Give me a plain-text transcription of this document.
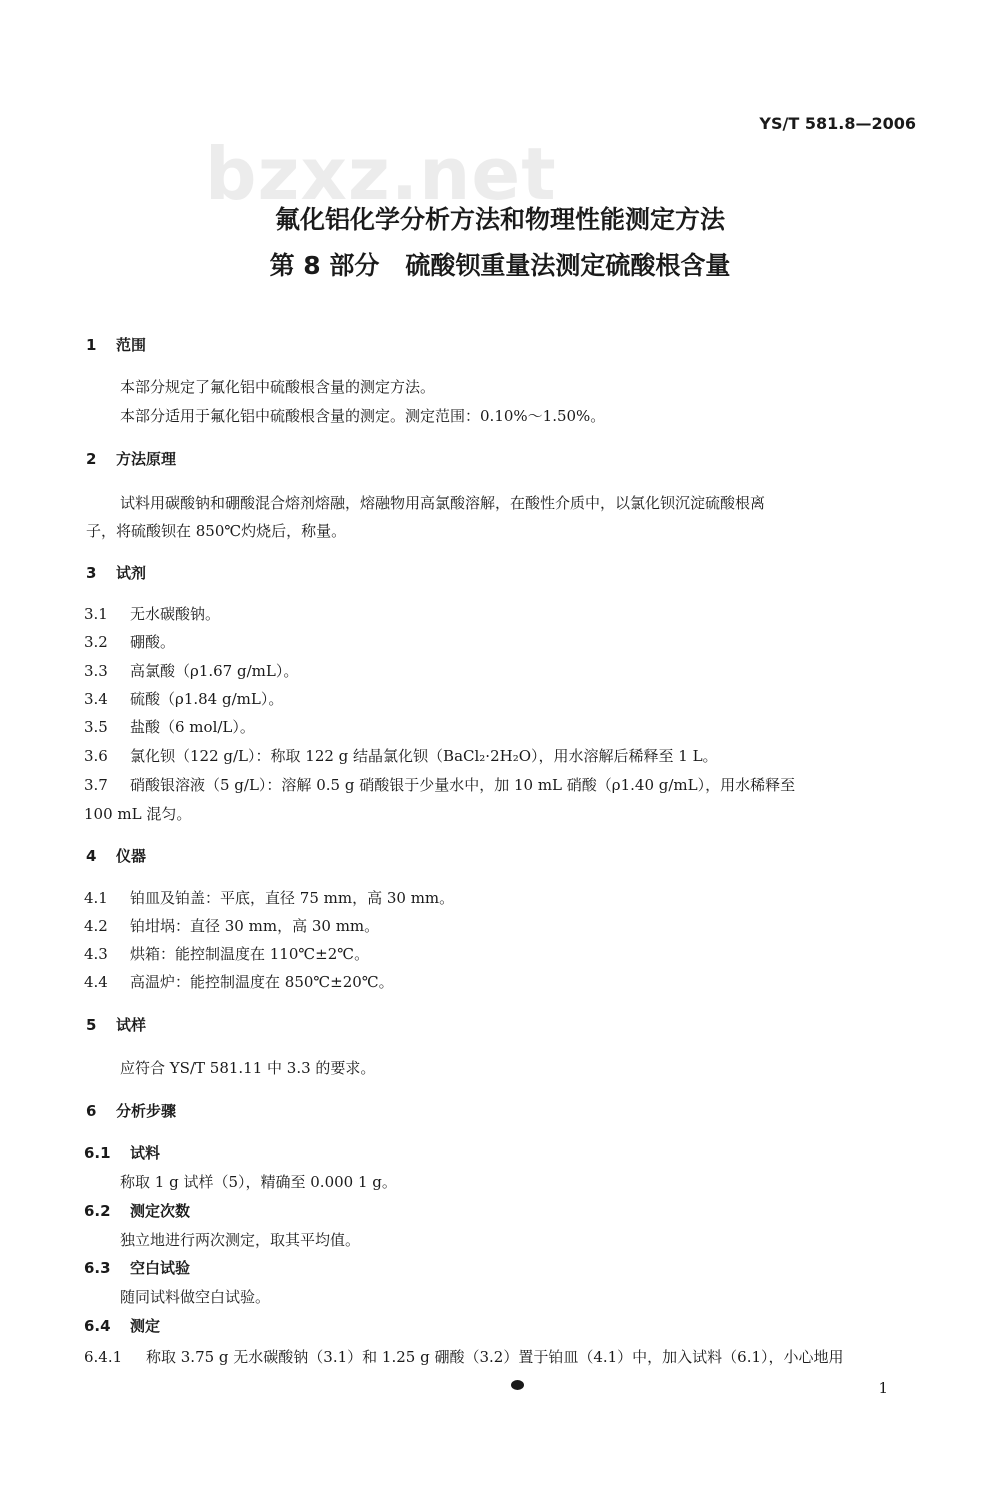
YS/T 581.8—2006
bzxz.net
氟化铝化学分析方法和物理性能测定方法
第 8 部分 硫酸钡重量法测定硫酸根含量
1 范围
本部分规定了氟化铝中硫酸根含量的测定方法。
本部分适用于氟化铝中硫酸根含量的测定。测定范围：0.10%～1.50%。
2 方法原理
试料用碳酸钠和硼酸混合熔剂熔融，熔融物用高氯酸溶解，在酸性介质中，以氯化钡沉淀硫酸根离
子，将硫酸钡在 850℃灼烧后，称量。
3 试剂
3.1 无水碳酸钠。
3.2 硼酸。
3.3 高氯酸（ρ1.67 g/mL）。
3.4 硫酸（ρ1.84 g/mL）。
3.5 盐酸（6 mol/L）。
3.6 氯化钡（122 g/L）：称取 122 g 结晶氯化钡（BaCl₂·2H₂O），用水溶解后稀释至 1 L。
3.7 硝酸银溶液（5 g/L）：溶解 0.5 g 硝酸银于少量水中，加 10 mL 硝酸（ρ1.40 g/mL），用水稀释至
100 mL 混匀。
4 仪器
4.1 铂皿及铂盖：平底，直径 75 mm，高 30 mm。
4.2 铂坩埚：直径 30 mm，高 30 mm。
4.3 烘箱：能控制温度在 110℃±2℃。
4.4 高温炉：能控制温度在 850℃±20℃。
5 试样
应符合 YS/T 581.11 中 3.3 的要求。
6 分析步骤
6.1 试料
称取 1 g 试样（5），精确至 0.000 1 g。
6.2 测定次数
独立地进行两次测定，取其平均值。
6.3 空白试验
随同试料做空白试验。
6.4 测定
6.4.1 称取 3.75 g 无水碳酸钠（3.1）和 1.25 g 硼酸（3.2）置于铂皿（4.1）中，加入试料（6.1），小心地用
1
